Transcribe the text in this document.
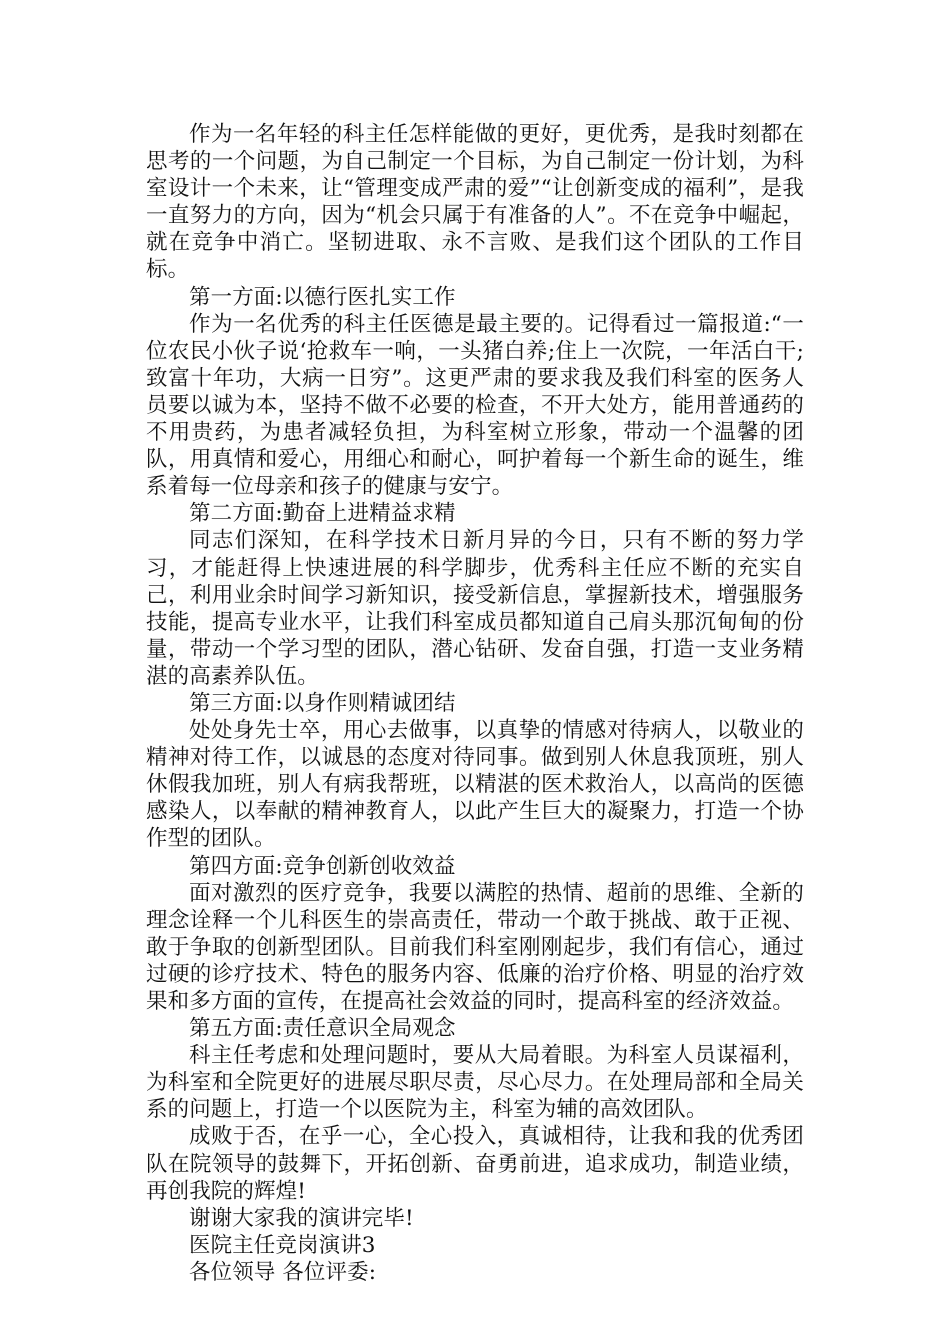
作为一名年轻的科主任怎样能做的更好，更优秀，是我时刻都在思考的一个问题，为自己制定一个目标，为自己制定一份计划，为科室设计一个未来，让“管理变成严肃的爱”“让创新变成的福利”，是我一直努力的方向，因为“机会只属于有准备的人”。不在竞争中崛起，就在竞争中消亡。坚韧进取、永不言败、是我们这个团队的工作目标。

第一方面:以德行医扎实工作

作为一名优秀的科主任医德是最主要的。记得看过一篇报道:“一位农民小伙子说‘抢救车一响，一头猪白养;住上一次院，一年活白干;致富十年功，大病一日穷”。这更严肃的要求我及我们科室的医务人员要以诚为本，坚持不做不必要的检查，不开大处方，能用普通药的不用贵药，为患者减轻负担，为科室树立形象，带动一个温馨的团队，用真情和爱心，用细心和耐心，呵护着每一个新生命的诞生，维系着每一位母亲和孩子的健康与安宁。

第二方面:勤奋上进精益求精

同志们深知，在科学技术日新月异的今日，只有不断的努力学习，才能赶得上快速进展的科学脚步，优秀科主任应不断的充实自己，利用业余时间学习新知识，接受新信息，掌握新技术，增强服务技能，提高专业水平，让我们科室成员都知道自己肩头那沉甸甸的份量，带动一个学习型的团队，潜心钻研、发奋自强，打造一支业务精湛的高素养队伍。

第三方面:以身作则精诚团结

处处身先士卒，用心去做事，以真挚的情感对待病人，以敬业的精神对待工作，以诚恳的态度对待同事。做到别人休息我顶班，别人休假我加班，别人有病我帮班，以精湛的医术救治人，以高尚的医德感染人，以奉献的精神教育人，以此产生巨大的凝聚力，打造一个协作型的团队。

第四方面:竞争创新创收效益

面对激烈的医疗竞争，我要以满腔的热情、超前的思维、全新的理念诠释一个儿科医生的崇高责任，带动一个敢于挑战、敢于正视、敢于争取的创新型团队。目前我们科室刚刚起步，我们有信心，通过过硬的诊疗技术、特色的服务内容、低廉的治疗价格、明显的治疗效果和多方面的宣传，在提高社会效益的同时，提高科室的经济效益。

第五方面:责任意识全局观念

科主任考虑和处理问题时，要从大局着眼。为科室人员谋福利，为科室和全院更好的进展尽职尽责，尽心尽力。在处理局部和全局关系的问题上，打造一个以医院为主，科室为辅的高效团队。

成败于否，在乎一心，全心投入，真诚相待，让我和我的优秀团队在院领导的鼓舞下，开拓创新、奋勇前进，追求成功，制造业绩，再创我院的辉煌!

谢谢大家我的演讲完毕!

医院主任竞岗演讲3

各位领导 各位评委:
